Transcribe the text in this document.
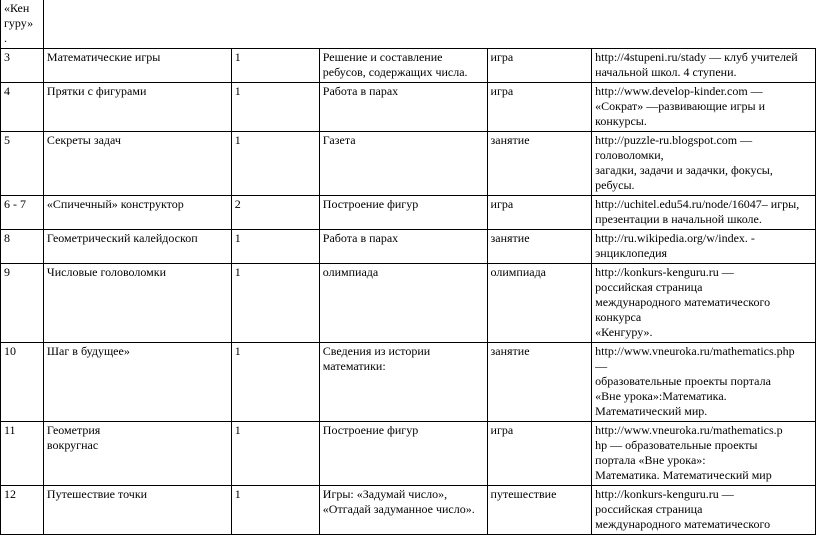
«Кен
гуру»
.					

3	Математические игры	1	Решение и составление
ребусов, содержащих числа.	игра	http://4stupeni.ru/stady — клуб учителей
начальной школ. 4 ступени.

4	Прятки с фигурами	1	Работа в парах	игра	http://www.develop-kinder.com —
«Сократ» —развивающие игры и
конкурсы.

5	Секреты задач	1	Газета	занятие	http://puzzle-ru.blogspot.com —
головоломки,
загадки, задачи и задачки, фокусы,
ребусы.

6 - 7	«Спичечный» конструктор	2	Построение фигур	игра	http://uchitel.edu54.ru/node/16047– игры,
презентации в начальной школе.

8	Геометрический калейдоскоп	1	Работа в парах	занятие	http://ru.wikipedia.org/w/index. -
энциклопедия

9	Числовые головоломки	1	олимпиада	олимпиада	http://konkurs-kenguru.ru —
российская страница
международного математического
конкурса
«Кенгуру».

10	Шаг в будущее»	1	Сведения из истории
математики:	занятие	http://www.vneuroka.ru/mathematics.php
—
образовательные проекты портала
«Вне урока»:Математика.
Математический мир.

11	Геометрия
вокругнас	1	Построение фигур	игра	http://www.vneuroka.ru/mathematics.p
hp — образовательные проекты
портала «Вне урока»:
Математика. Математический мир

12	Путешествие точки	1	Игры: «Задумай число»,
«Отгадай задуманное число».	путешествие	http://konkurs-kenguru.ru —
российская страница
международного математического
